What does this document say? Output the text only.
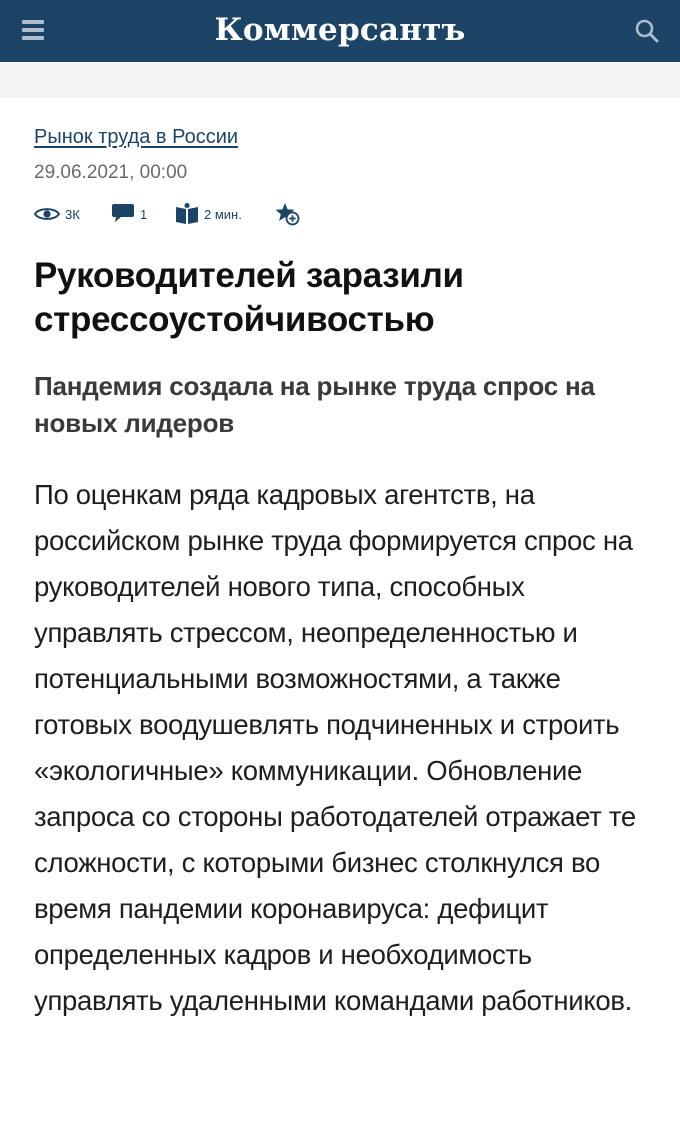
Коммерсантъ
Рынок труда в России
29.06.2021, 00:00
3К	1	2 мин.
Руководителей заразили стрессоустойчивостью
Пандемия создала на рынке труда спрос на новых лидеров

По оценкам ряда кадровых агентств, на российском рынке труда формируется спрос на руководителей нового типа, способных управлять стрессом, неопределенностью и потенциальными возможностями, а также готовых воодушевлять подчиненных и строить «экологичные» коммуникации. Обновление запроса со стороны работодателей отражает те сложности, с которыми бизнес столкнулся во время пандемии коронавируса: дефицит определенных кадров и необходимость управлять удаленными командами работников.
